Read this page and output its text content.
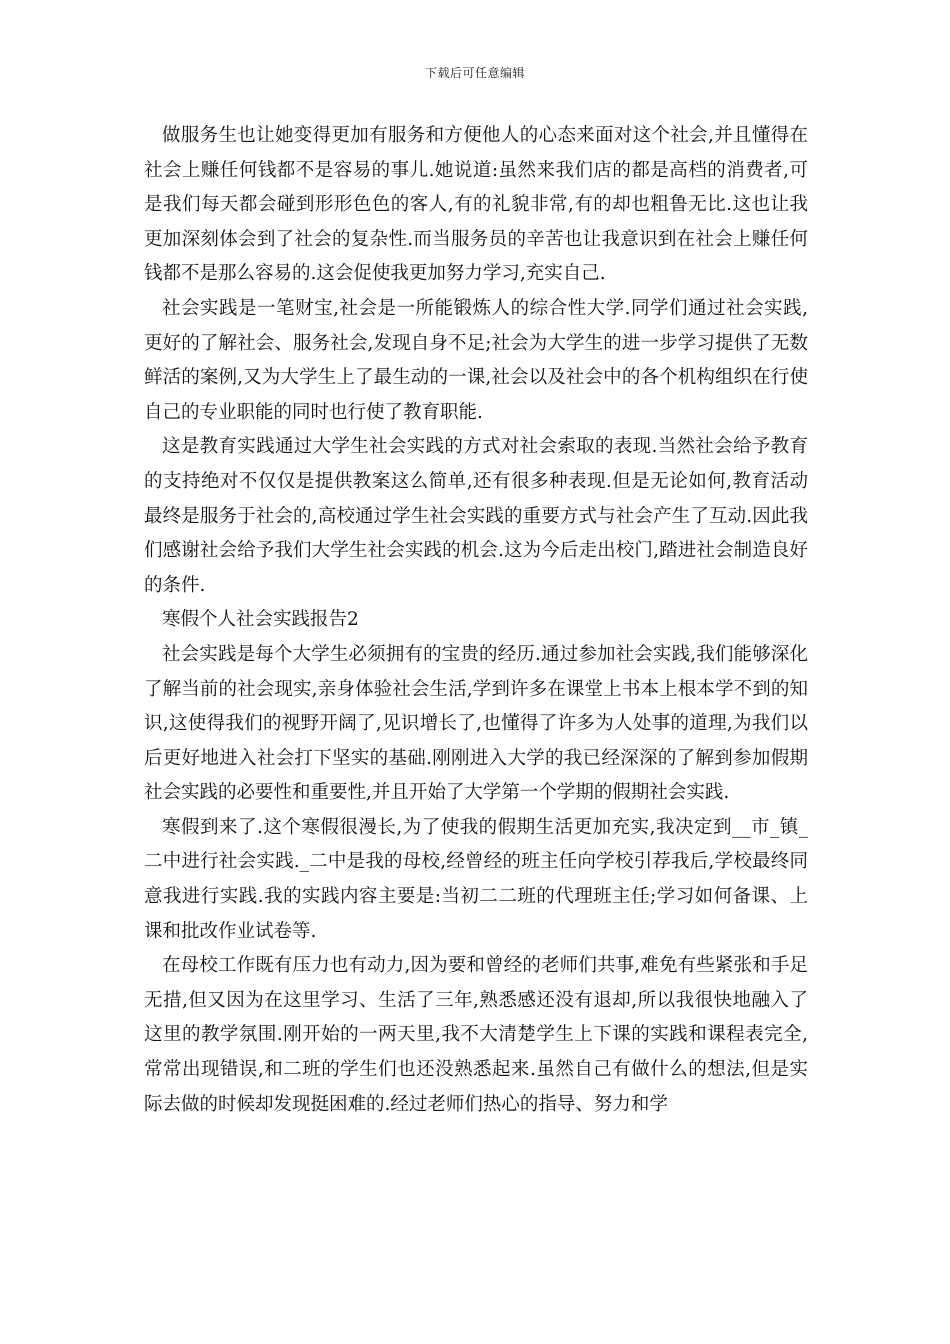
下载后可任意编辑

做服务生也让她变得更加有服务和方便他人的心态来面对这个社会,并且懂得在社会上赚任何钱都不是容易的事儿.她说道:虽然来我们店的都是高档的消费者,可是我们每天都会碰到形形色色的客人,有的礼貌非常,有的却也粗鲁无比.这也让我更加深刻体会到了社会的复杂性.而当服务员的辛苦也让我意识到在社会上赚任何钱都不是那么容易的.这会促使我更加努力学习,充实自己.

社会实践是一笔财宝,社会是一所能锻炼人的综合性大学.同学们通过社会实践,更好的了解社会、服务社会,发现自身不足;社会为大学生的进一步学习提供了无数鲜活的案例,又为大学生上了最生动的一课,社会以及社会中的各个机构组织在行使自己的专业职能的同时也行使了教育职能.

这是教育实践通过大学生社会实践的方式对社会索取的表现.当然社会给予教育的支持绝对不仅仅是提供教案这么简单,还有很多种表现.但是无论如何,教育活动最终是服务于社会的,高校通过学生社会实践的重要方式与社会产生了互动.因此我们感谢社会给予我们大学生社会实践的机会.这为今后走出校门,踏进社会制造良好的条件.

寒假个人社会实践报告2

社会实践是每个大学生必须拥有的宝贵的经历.通过参加社会实践,我们能够深化了解当前的社会现实,亲身体验社会生活,学到许多在课堂上书本上根本学不到的知识,这使得我们的视野开阔了,见识增长了,也懂得了许多为人处事的道理,为我们以后更好地进入社会打下坚实的基础.刚刚进入大学的我已经深深的了解到参加假期社会实践的必要性和重要性,并且开始了大学第一个学期的假期社会实践.

寒假到来了.这个寒假很漫长,为了使我的假期生活更加充实,我决定到__市_镇_二中进行社会实践._二中是我的母校,经曾经的班主任向学校引荐我后,学校最终同意我进行实践.我的实践内容主要是:当初二二班的代理班主任;学习如何备课、上课和批改作业试卷等.

在母校工作既有压力也有动力,因为要和曾经的老师们共事,难免有些紧张和手足无措,但又因为在这里学习、生活了三年,熟悉感还没有退却,所以我很快地融入了这里的教学氛围.刚开始的一两天里,我不大清楚学生上下课的实践和课程表完全,常常出现错误,和二班的学生们也还没熟悉起来.虽然自己有做什么的想法,但是实际去做的时候却发现挺困难的.经过老师们热心的指导、努力和学
